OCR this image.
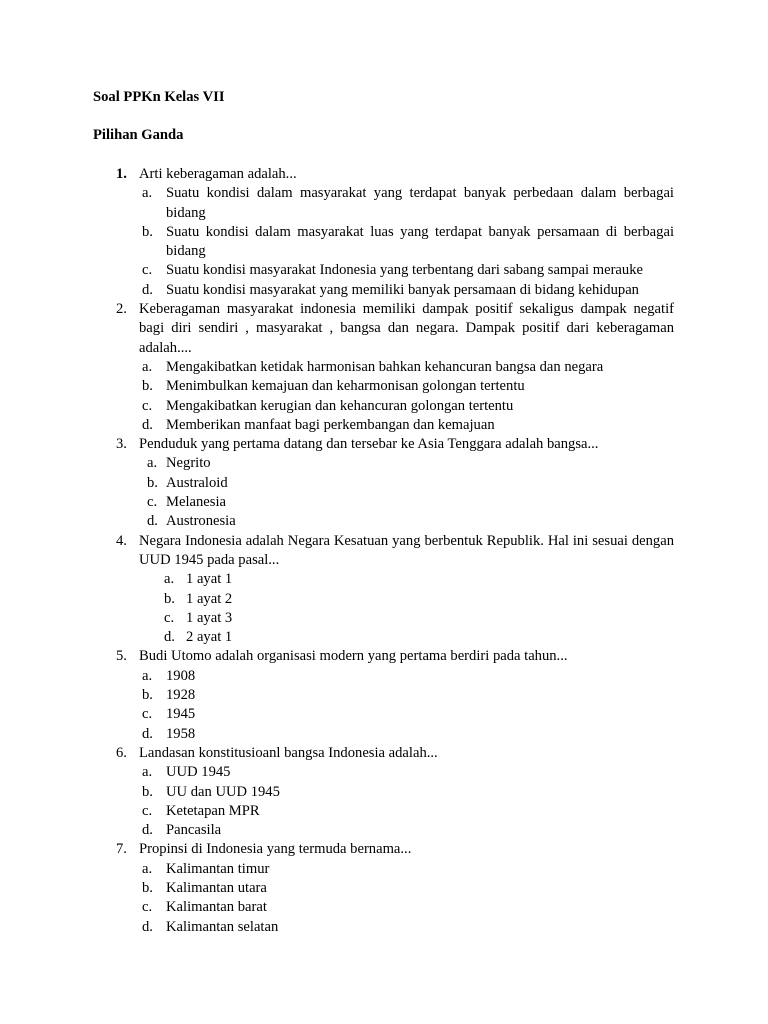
Soal PPKn Kelas VII
Pilihan Ganda
1. Arti keberagaman adalah...
a. Suatu kondisi dalam masyarakat yang terdapat banyak perbedaan dalam berbagai bidang
b. Suatu kondisi dalam masyarakat luas yang terdapat banyak persamaan di berbagai bidang
c. Suatu kondisi masyarakat Indonesia yang terbentang dari sabang sampai merauke
d. Suatu kondisi masyarakat yang memiliki banyak persamaan di bidang kehidupan
2. Keberagaman masyarakat indonesia memiliki dampak positif sekaligus dampak negatif bagi diri sendiri , masyarakat , bangsa dan negara. Dampak positif dari keberagaman adalah....
a. Mengakibatkan ketidak harmonisan bahkan kehancuran bangsa dan negara
b. Menimbulkan kemajuan dan keharmonisan golongan tertentu
c. Mengakibatkan kerugian dan kehancuran golongan tertentu
d. Memberikan manfaat bagi perkembangan dan kemajuan
3. Penduduk yang pertama datang dan tersebar ke Asia Tenggara adalah bangsa...
a. Negrito
b. Australoid
c. Melanesia
d. Austronesia
4. Negara Indonesia adalah Negara Kesatuan yang berbentuk Republik. Hal ini sesuai dengan UUD 1945 pada pasal...
a. 1 ayat 1
b. 1 ayat 2
c. 1 ayat 3
d. 2 ayat 1
5. Budi Utomo adalah organisasi modern yang pertama berdiri pada tahun...
a. 1908
b. 1928
c. 1945
d. 1958
6. Landasan konstitusioanl bangsa Indonesia adalah...
a. UUD 1945
b. UU dan UUD 1945
c. Ketetapan MPR
d. Pancasila
7. Propinsi di Indonesia yang termuda bernama...
a. Kalimantan timur
b. Kalimantan utara
c. Kalimantan barat
d. Kalimantan selatan
